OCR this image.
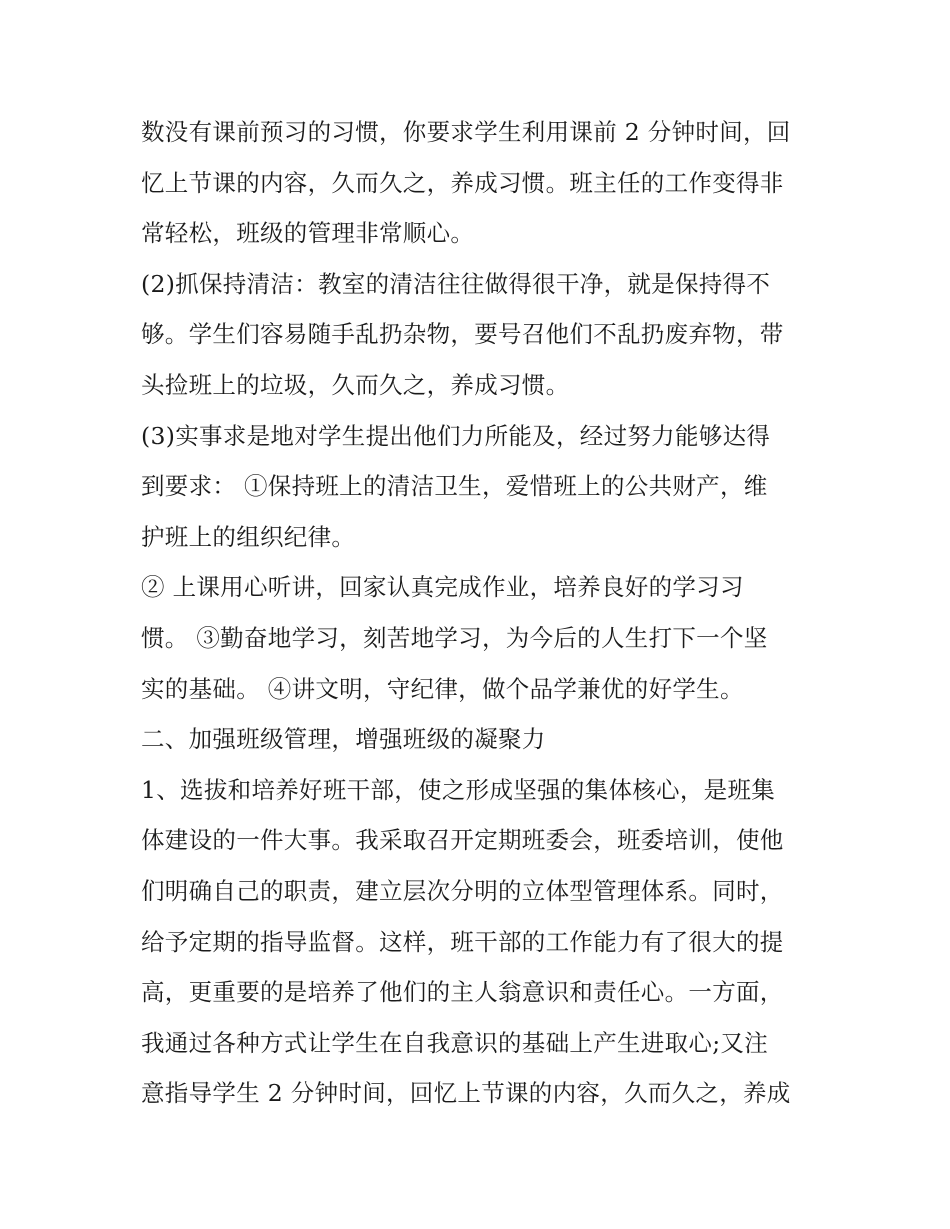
数没有课前预习的习惯，你要求学生利用课前 2 分钟时间，回
忆上节课的内容，久而久之，养成习惯。班主任的工作变得非
常轻松，班级的管理非常顺心。
(2)抓保持清洁：教室的清洁往往做得很干净，就是保持得不
够。学生们容易随手乱扔杂物，要号召他们不乱扔废弃物，带
头捡班上的垃圾，久而久之，养成习惯。
(3)实事求是地对学生提出他们力所能及，经过努力能够达得
到要求： ①保持班上的清洁卫生，爱惜班上的公共财产，维
护班上的组织纪律。
② 上课用心听讲，回家认真完成作业，培养良好的学习习
惯。 ③勤奋地学习，刻苦地学习，为今后的人生打下一个坚
实的基础。 ④讲文明，守纪律，做个品学兼优的好学生。
二、加强班级管理，增强班级的凝聚力
1、选拔和培养好班干部，使之形成坚强的集体核心，是班集
体建设的一件大事。我采取召开定期班委会，班委培训，使他
们明确自己的职责，建立层次分明的立体型管理体系。同时，
给予定期的指导监督。这样，班干部的工作能力有了很大的提
高，更重要的是培养了他们的主人翁意识和责任心。一方面，
我通过各种方式让学生在自我意识的基础上产生进取心;又注
意指导学生 2 分钟时间，回忆上节课的内容，久而久之，养成
